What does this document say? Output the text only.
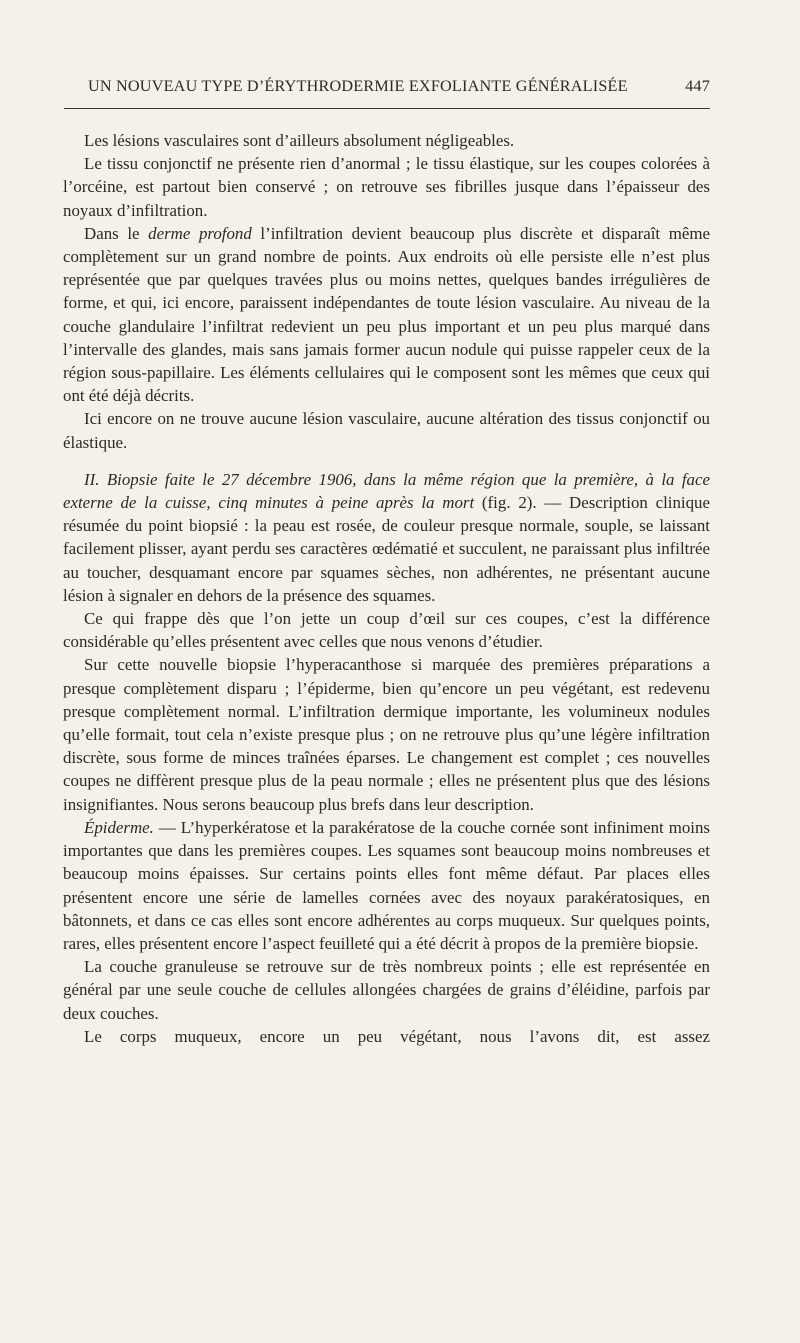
UN NOUVEAU TYPE D’ÉRYTHRODERMIE EXFOLIANTE GÉNÉRALISÉE	447

Les lésions vasculaires sont d’ailleurs absolument négligeables.

Le tissu conjonctif ne présente rien d’anormal ; le tissu élastique, sur les coupes colorées à l’orcéine, est partout bien conservé ; on retrouve ses fibrilles jusque dans l’épaisseur des noyaux d’infiltration.

Dans le derme profond l’infiltration devient beaucoup plus discrète et disparaît même complètement sur un grand nombre de points. Aux endroits où elle persiste elle n’est plus représentée que par quelques travées plus ou moins nettes, quelques bandes irrégulières de forme, et qui, ici encore, paraissent indépendantes de toute lésion vasculaire. Au niveau de la couche glandulaire l’infiltrat redevient un peu plus important et un peu plus marqué dans l’intervalle des glandes, mais sans jamais former aucun nodule qui puisse rappeler ceux de la région sous-papillaire. Les éléments cellulaires qui le composent sont les mêmes que ceux qui ont été déjà décrits.

Ici encore on ne trouve aucune lésion vasculaire, aucune altération des tissus conjonctif ou élastique.

II. Biopsie faite le 27 décembre 1906, dans la même région que la première, à la face externe de la cuisse, cinq minutes à peine après la mort (fig. 2). — Description clinique résumée du point biopsié : la peau est rosée, de couleur presque normale, souple, se laissant facilement plisser, ayant perdu ses caractères œdématié et succulent, ne paraissant plus infiltrée au toucher, desquamant encore par squames sèches, non adhérentes, ne présentant aucune lésion à signaler en dehors de la présence des squames.

Ce qui frappe dès que l’on jette un coup d’œil sur ces coupes, c’est la différence considérable qu’elles présentent avec celles que nous venons d’étudier.

Sur cette nouvelle biopsie l’hyperacanthose si marquée des premières préparations a presque complètement disparu ; l’épiderme, bien qu’encore un peu végétant, est redevenu presque complètement normal. L’infiltration dermique importante, les volumineux nodules qu’elle formait, tout cela n’existe presque plus ; on ne retrouve plus qu’une légère infiltration discrète, sous forme de minces traînées éparses. Le changement est complet ; ces nouvelles coupes ne diffèrent presque plus de la peau normale ; elles ne présentent plus que des lésions insignifiantes. Nous serons beaucoup plus brefs dans leur description.

Épiderme. — L’hyperkératose et la parakératose de la couche cornée sont infiniment moins importantes que dans les premières coupes. Les squames sont beaucoup moins nombreuses et beaucoup moins épaisses. Sur certains points elles font même défaut. Par places elles présentent encore une série de lamelles cornées avec des noyaux parakératosiques, en bâtonnets, et dans ce cas elles sont encore adhérentes au corps muqueux. Sur quelques points, rares, elles présentent encore l’aspect feuilleté qui a été décrit à propos de la première biopsie.

La couche granuleuse se retrouve sur de très nombreux points ; elle est représentée en général par une seule couche de cellules allongées chargées de grains d’éléidine, parfois par deux couches.

Le corps muqueux, encore un peu végétant, nous l’avons dit, est assez
